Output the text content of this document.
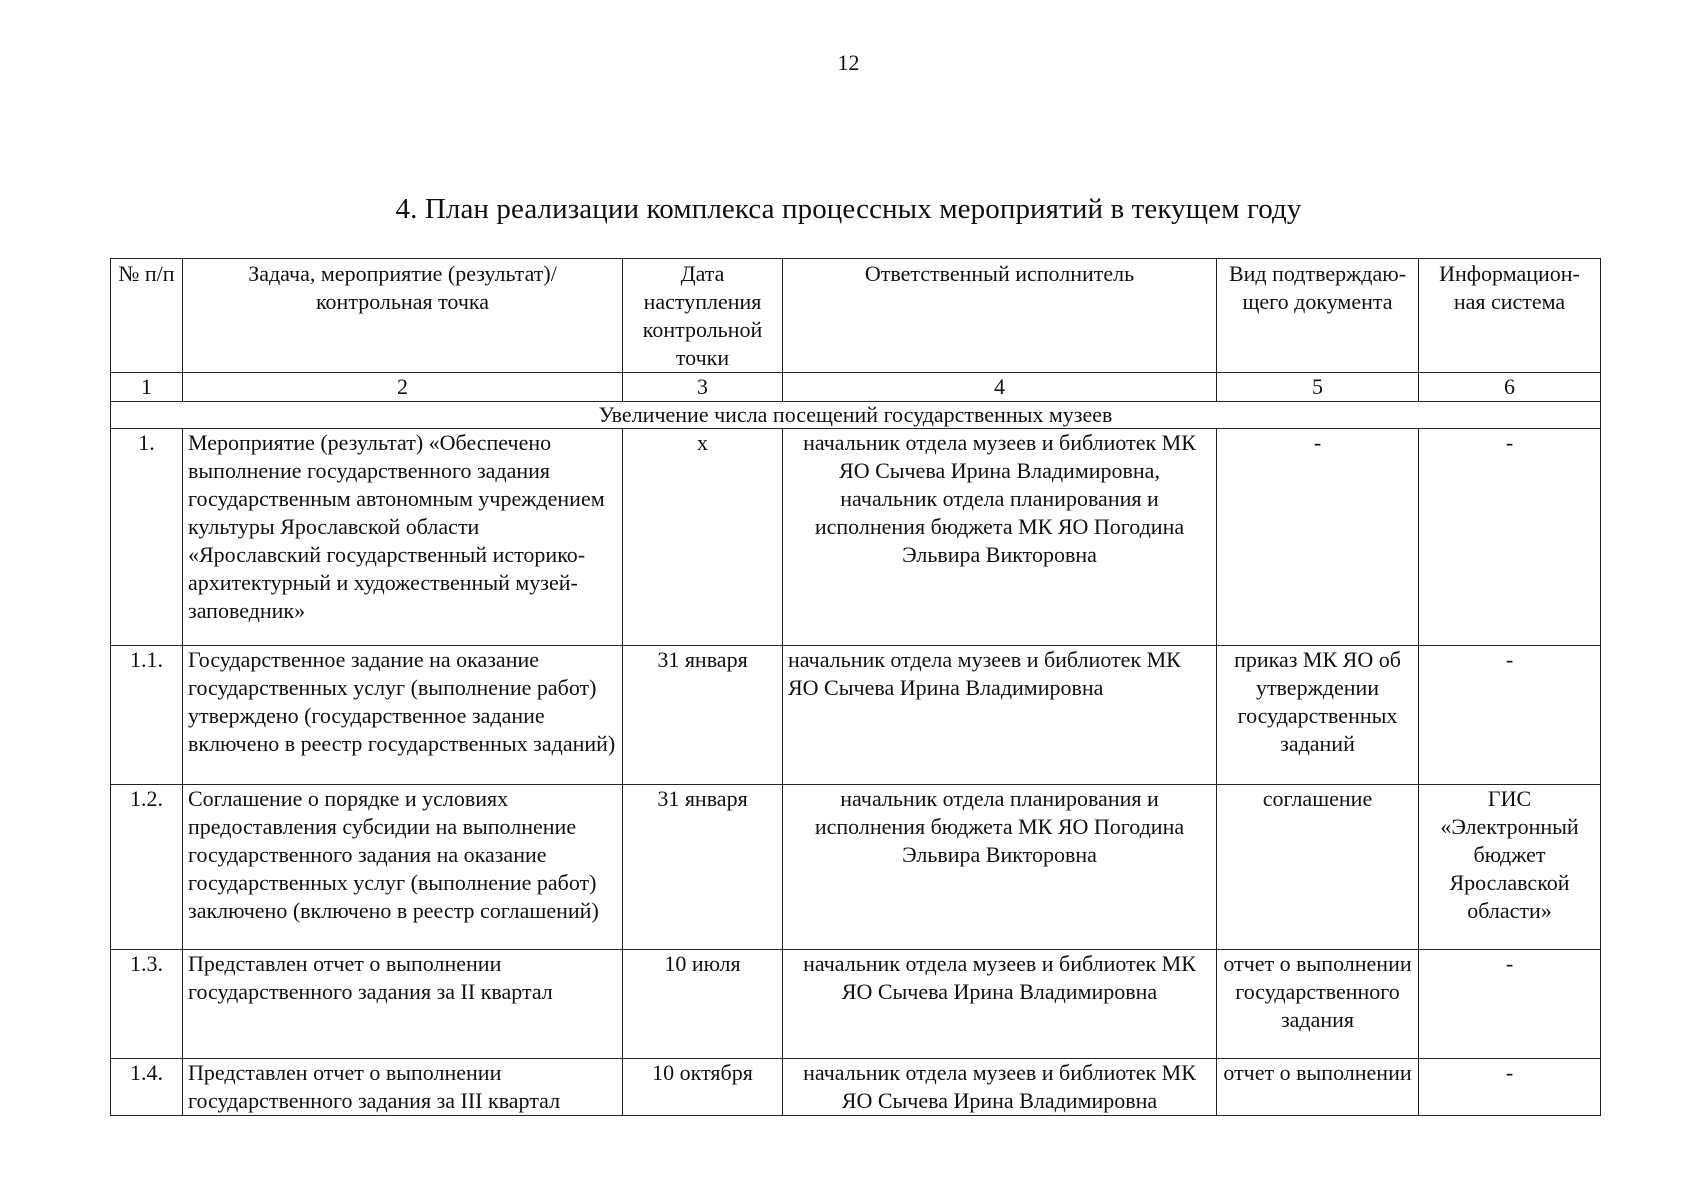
12
4. План реализации комплекса процессных мероприятий в текущем году
№ п/п	Задача, мероприятие (результат)/ контрольная точка	Дата наступления контрольной точки	Ответственный исполнитель	Вид подтверждаю-щего документа	Информацион-ная система
1	2	3	4	5	6
Увеличение числа посещений государственных музеев					
1.	Мероприятие (результат) «Обеспечено выполнение государственного задания государственным автономным учреждением культуры Ярославской области «Ярославский государственный историко-архитектурный и художественный музей-заповедник»	х	начальник отдела музеев и библиотек МК ЯО Сычева Ирина Владимировна, начальник отдела планирования и исполнения бюджета МК ЯО Погодина Эльвира Викторовна	-	-
1.1.	Государственное задание на оказание государственных услуг (выполнение работ) утверждено (государственное задание включено в реестр государственных заданий)	31 января	начальник отдела музеев и библиотек МК ЯО Сычева Ирина Владимировна	приказ МК ЯО об утверждении государственных заданий	-
1.2.	Соглашение о порядке и условиях предоставления субсидии на выполнение государственного задания на оказание государственных услуг (выполнение работ) заключено (включено в реестр соглашений)	31 января	начальник отдела планирования и исполнения бюджета МК ЯО Погодина Эльвира Викторовна	соглашение	ГИС «Электронный бюджет Ярославской области»
1.3.	Представлен отчет о выполнении государственного задания за II квартал	10 июля	начальник отдела музеев и библиотек МК ЯО Сычева Ирина Владимировна	отчет о выполнении государственного задания	-
1.4.	Представлен отчет о выполнении государственного задания за III квартал	10 октября	начальник отдела музеев и библиотек МК ЯО Сычева Ирина Владимировна	отчет о выполнении	-
